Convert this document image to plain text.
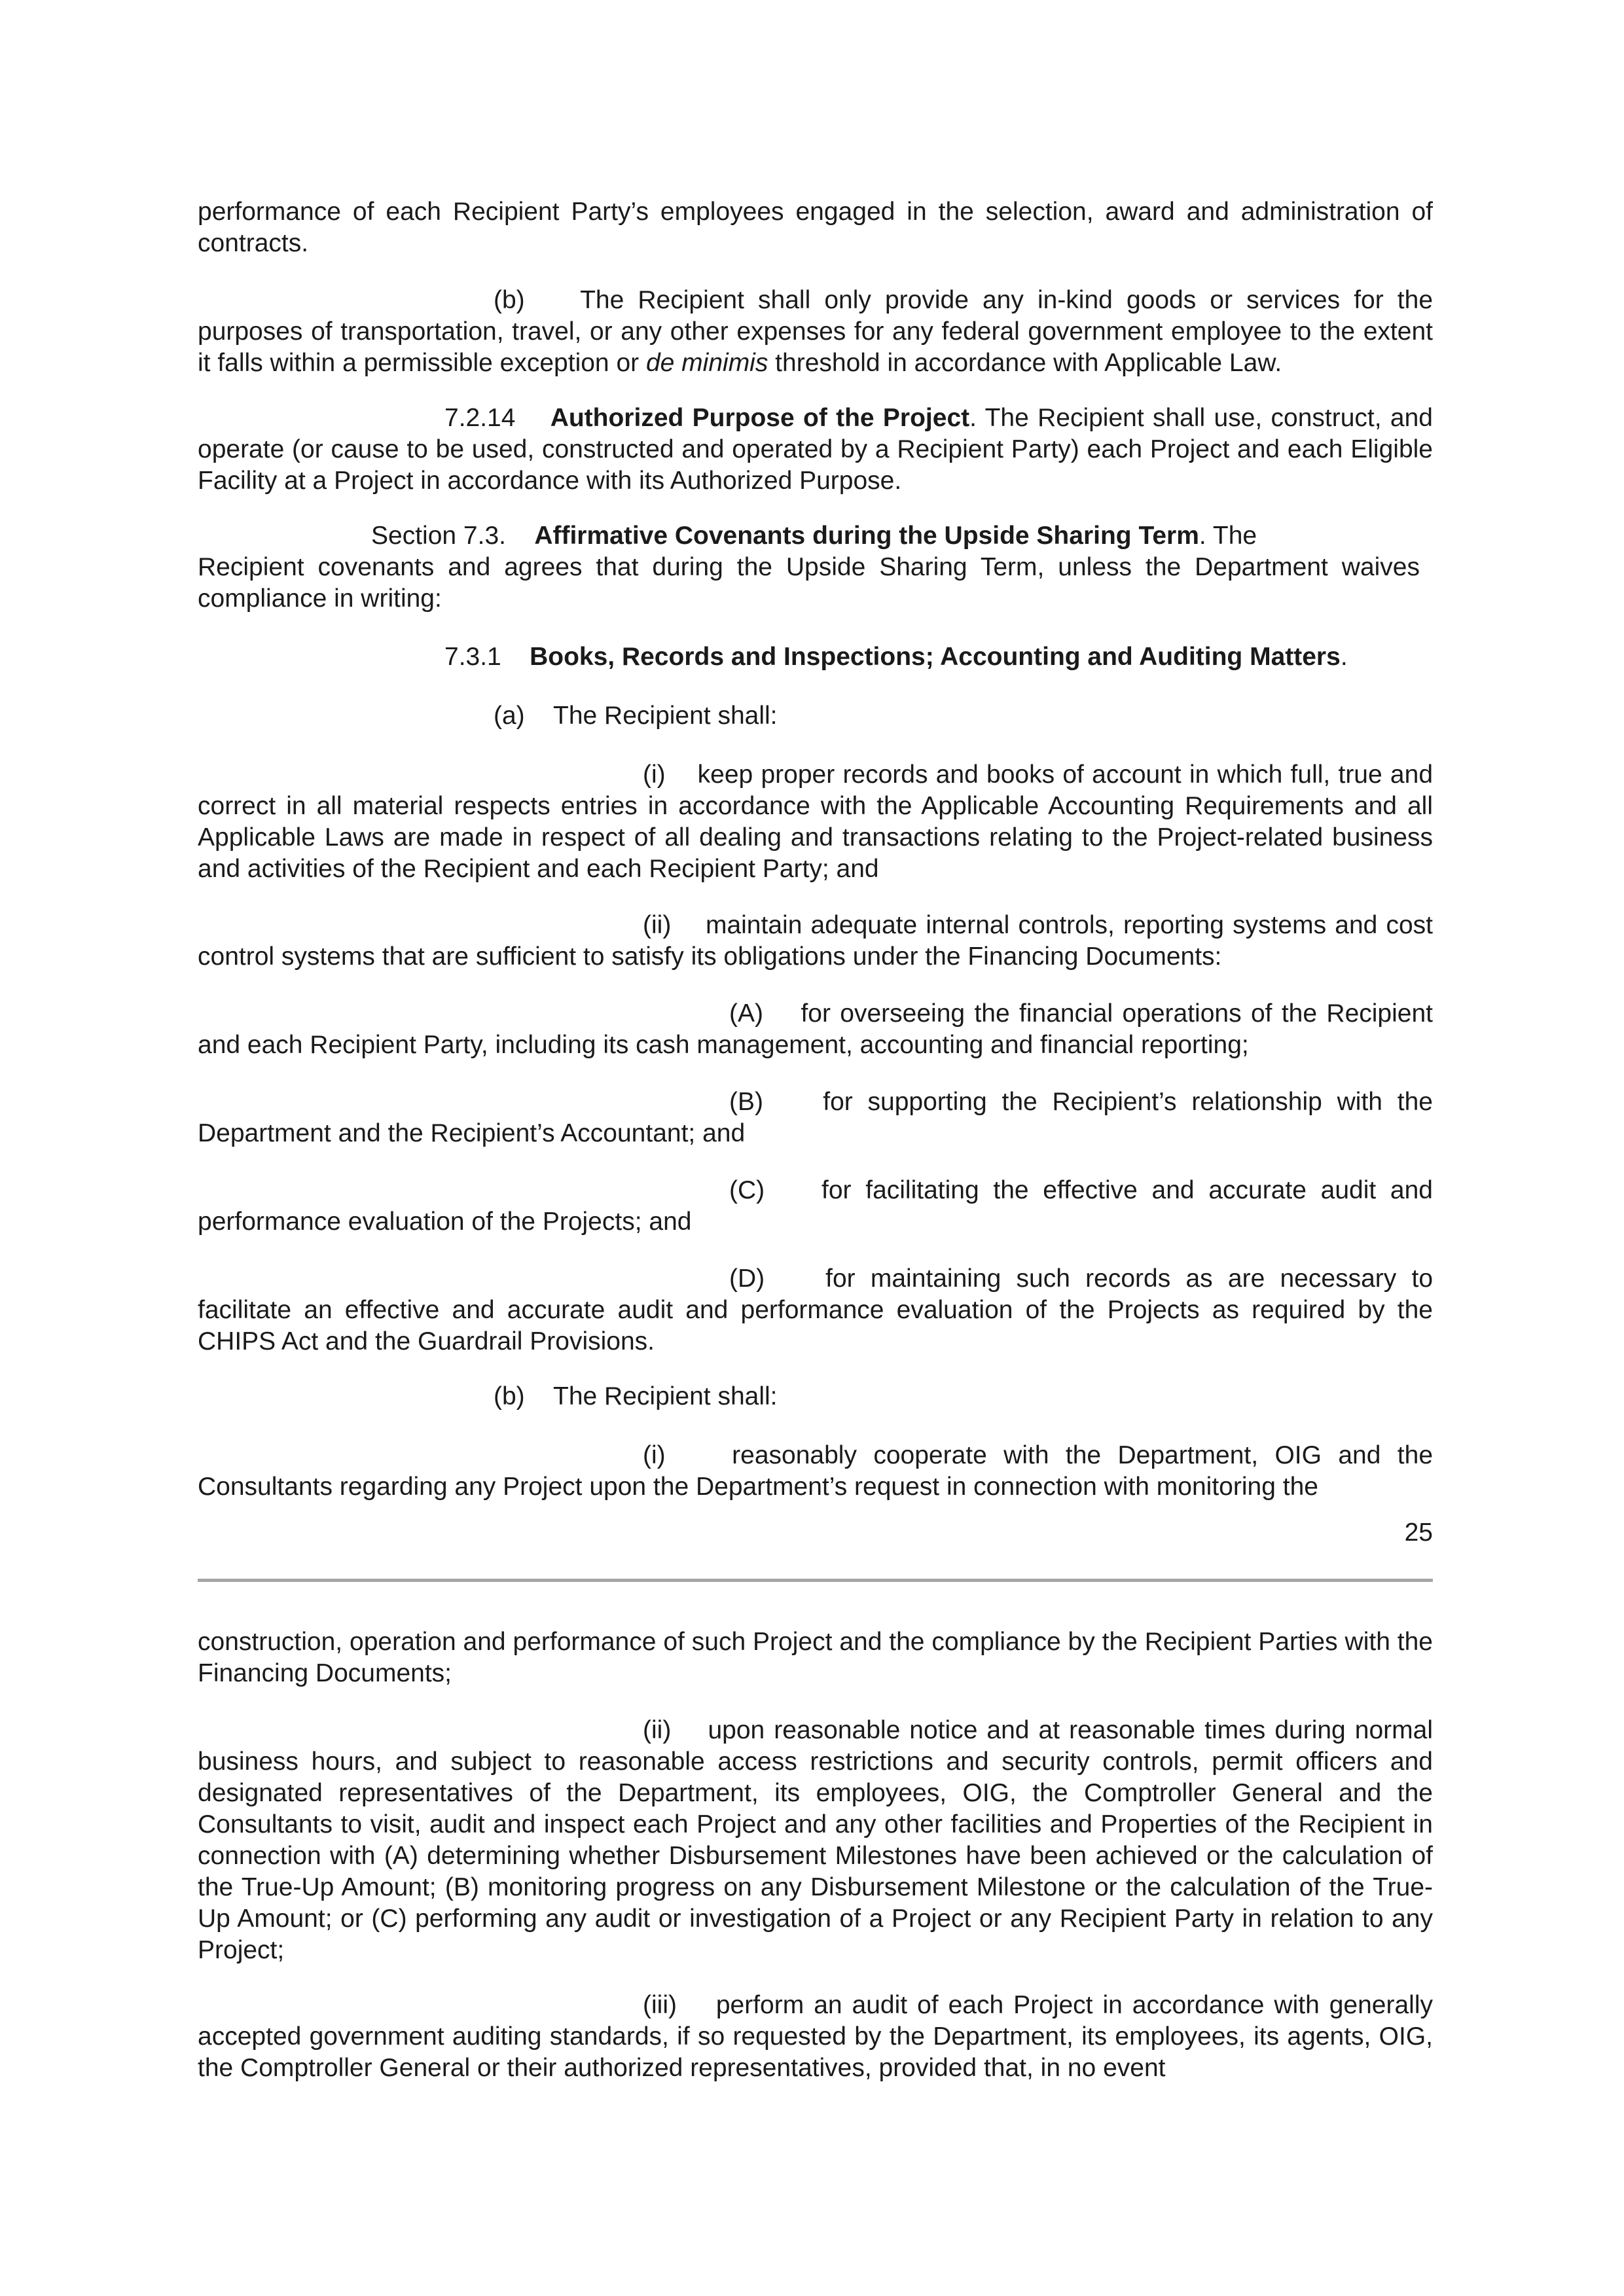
performance of each Recipient Party’s employees engaged in the selection, award and administration of contracts.

(b) The Recipient shall only provide any in-kind goods or services for the purposes of transportation, travel, or any other expenses for any federal government employee to the extent it falls within a permissible exception or de minimis threshold in accordance with Applicable Law.

7.2.14 Authorized Purpose of the Project. The Recipient shall use, construct, and operate (or cause to be used, constructed and operated by a Recipient Party) each Project and each Eligible Facility at a Project in accordance with its Authorized Purpose.

Section 7.3. Affirmative Covenants during the Upside Sharing Term. The

Recipient covenants and agrees that during the Upside Sharing Term, unless the Department waives compliance in writing:

7.3.1 Books, Records and Inspections; Accounting and Auditing Matters.
(a) The Recipient shall:

(i) keep proper records and books of account in which full, true and correct in all material respects entries in accordance with the Applicable Accounting Requirements and all Applicable Laws are made in respect of all dealing and transactions relating to the Project-related business and activities of the Recipient and each Recipient Party; and

(ii) maintain adequate internal controls, reporting systems and cost control systems that are sufficient to satisfy its obligations under the Financing Documents:

(A) for overseeing the financial operations of the Recipient and each Recipient Party, including its cash management, accounting and financial reporting;

(B) for supporting the Recipient’s relationship with the Department and the Recipient’s Accountant; and

(C) for facilitating the effective and accurate audit and performance evaluation of the Projects; and

(D) for maintaining such records as are necessary to facilitate an effective and accurate audit and performance evaluation of the Projects as required by the CHIPS Act and the Guardrail Provisions.

(b) The Recipient shall:

(i)	reasonably cooperate with the Department, OIG and the Consultants regarding any Project upon the Department’s request in connection with monitoring the

25

construction, operation and performance of such Project and the compliance by the Recipient Parties with the Financing Documents;

(ii) upon reasonable notice and at reasonable times during normal business hours, and subject to reasonable access restrictions and security controls, permit officers and designated representatives of the Department, its employees, OIG, the Comptroller General and the Consultants to visit, audit and inspect each Project and any other facilities and Properties of the Recipient in connection with (A) determining whether Disbursement Milestones have been achieved or the calculation of the True-Up Amount; (B) monitoring progress on any Disbursement Milestone or the calculation of the True-Up Amount; or (C) performing any audit or investigation of a Project or any Recipient Party in relation to any Project;

(iii) perform an audit of each Project in accordance with generally accepted government auditing standards, if so requested by the Department, its employees, its agents, OIG, the Comptroller General or their authorized representatives, provided that, in no event
